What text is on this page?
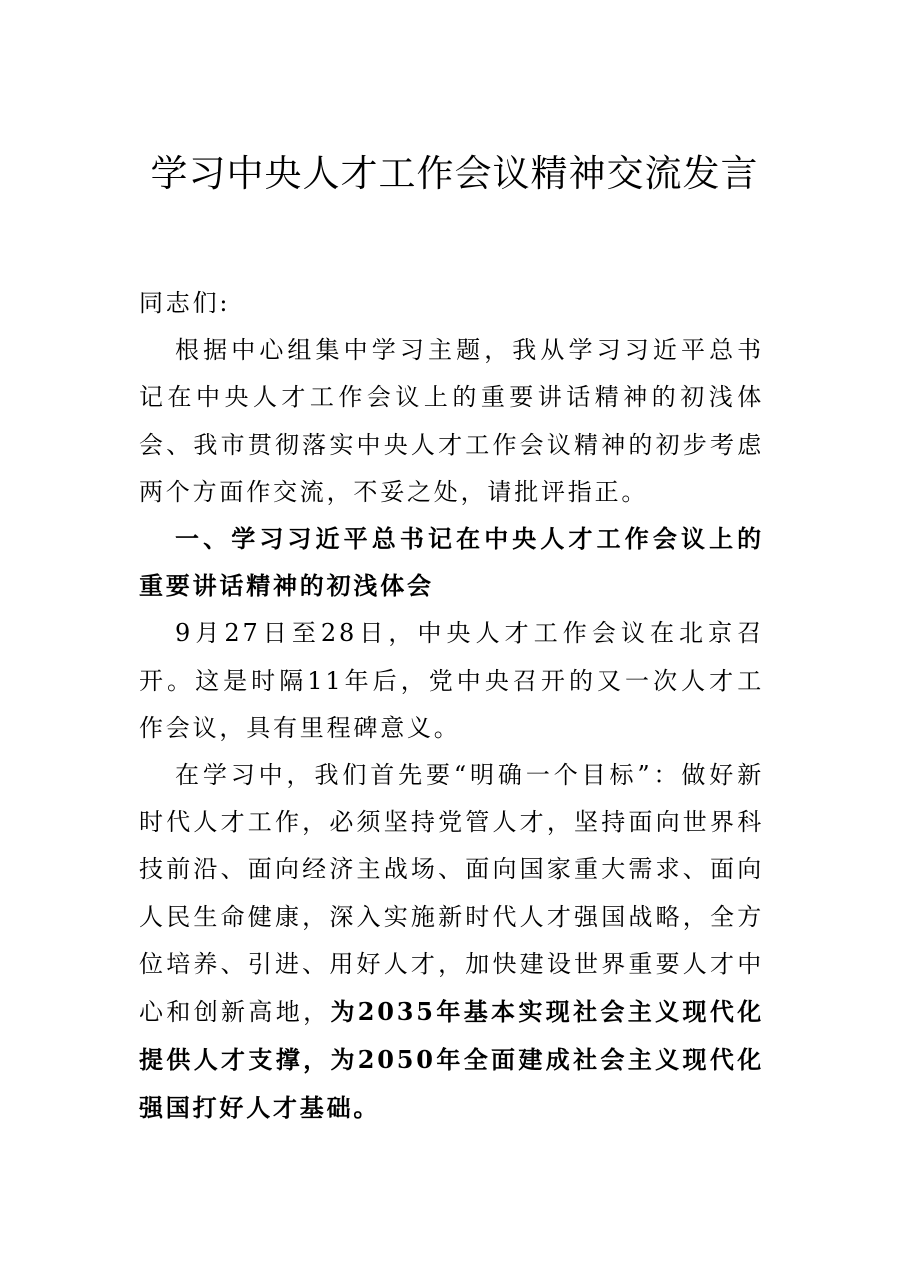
学习中央人才工作会议精神交流发言

同志们:

根据中心组集中学习主题，我从学习习近平总书记在中央人才工作会议上的重要讲话精神的初浅体会、我市贯彻落实中央人才工作会议精神的初步考虑两个方面作交流，不妥之处，请批评指正。

一、学习习近平总书记在中央人才工作会议上的重要讲话精神的初浅体会

9月27日至28日，中央人才工作会议在北京召开。这是时隔11年后，党中央召开的又一次人才工作会议，具有里程碑意义。

在学习中，我们首先要“明确一个目标”：做好新时代人才工作，必须坚持党管人才，坚持面向世界科技前沿、面向经济主战场、面向国家重大需求、面向人民生命健康，深入实施新时代人才强国战略，全方位培养、引进、用好人才，加快建设世界重要人才中心和创新高地，为2035年基本实现社会主义现代化提供人才支撑，为2050年全面建成社会主义现代化强国打好人才基础。
